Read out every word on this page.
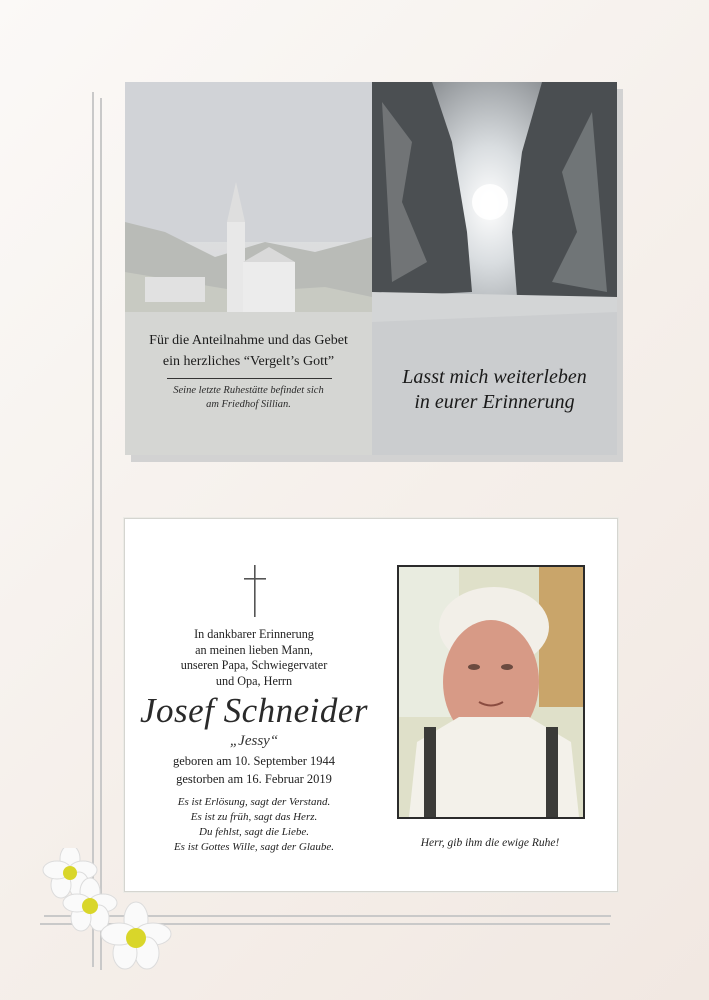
Für die Anteilnahme und das Gebet
ein herzliches “Vergelt’s Gott”
Seine letzte Ruhestätte befindet sich
am Friedhof Sillian.
Lasst mich weiterleben
in eurer Erinnerung
In dankbarer Erinnerung
an meinen lieben Mann,
unseren Papa, Schwiegervater
und Opa, Herrn
Josef Schneider
„Jessy“
geboren am 10. September 1944
gestorben am 16. Februar 2019
Es ist Erlösung, sagt der Verstand.
Es ist zu früh, sagt das Herz.
Du fehlst, sagt die Liebe.
Es ist Gottes Wille, sagt der Glaube.	Herr, gib ihm die ewige Ruhe!
